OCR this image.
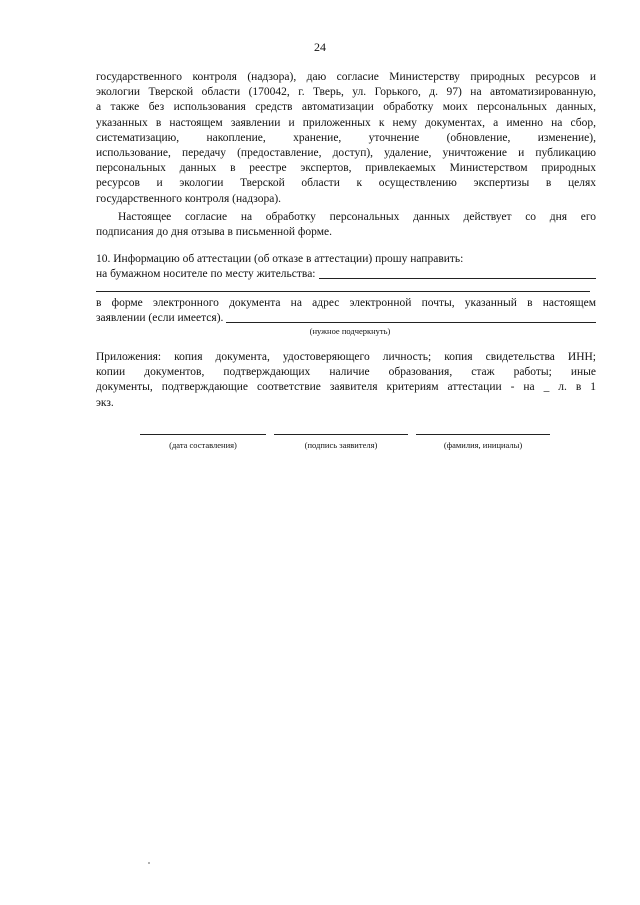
24

государственного контроля (надзора), даю согласие Министерству природных ресурсов и

экологии Тверской области (170042, г. Тверь, ул. Горького, д. 97) на автоматизированную,

а также без использования средств автоматизации обработку моих персональных данных,

указанных в настоящем заявлении и приложенных к нему документах, а именно на сбор,

систематизацию, накопление, хранение, уточнение (обновление, изменение),

использование, передачу (предоставление, доступ), удаление, уничтожение и публикацию

персональных данных в реестре экспертов, привлекаемых Министерством природных

ресурсов и экологии Тверской области к осуществлению экспертизы в целях

государственного контроля (надзора).

Настоящее согласие на обработку персональных данных действует со дня его

подписания до дня отзыва в письменной форме.

10. Информацию об аттестации (об отказе в аттестации) прошу направить:
на бумажном носителе по месту жительства:

в форме электронного документа на адрес электронной почты, указанный в настоящем

заявлении (если имеется).
(нужное подчеркнуть)

Приложения: копия документа, удостоверяющего личность; копия свидетельства ИНН;

копии документов, подтверждающих наличие образования, стаж работы; иные

документы, подтверждающие соответствие заявителя критериям аттестации - на _ л. в 1

экз.

(дата составления)	(подпись заявителя)	(фамилия, инициалы)
